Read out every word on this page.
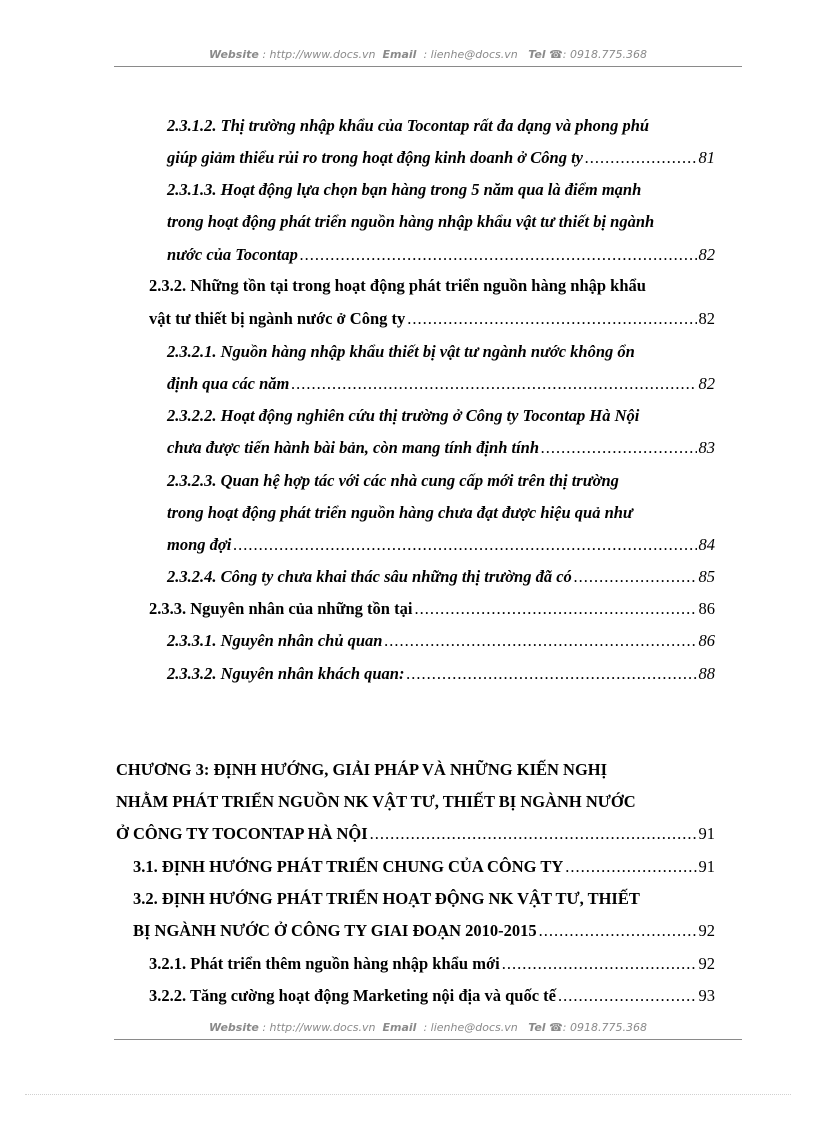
Website : http://www.docs.vn Email : lienhe@docs.vn Tel ☎: 0918.775.368
2.3.1.2. Thị trường nhập khẩu của Tocontap rất đa dạng và phong phú
giúp giảm thiểu rủi ro trong hoạt động kinh doanh ở Công ty .....	81
2.3.1.3. Hoạt động lựa chọn bạn hàng trong 5 năm qua là điểm mạnh
trong hoạt động phát triển nguồn hàng nhập khẩu vật tư thiết bị ngành
nước của Tocontap .....	82
2.3.2. Những tồn tại trong hoạt động phát triển nguồn hàng nhập khẩu
vật tư thiết bị ngành nước ở Công ty .....	82
2.3.2.1. Nguồn hàng nhập khẩu thiết bị vật tư ngành nước không ổn
định qua các năm .....	82
2.3.2.2. Hoạt động nghiên cứu thị trường ở Công ty Tocontap Hà Nội
chưa được tiến hành bài bản, còn mang tính định tính .....	83
2.3.2.3. Quan hệ hợp tác với các nhà cung cấp mới trên thị trường
trong hoạt động phát triển nguồn hàng chưa đạt được hiệu quả như
mong đợi .....	84
2.3.2.4. Công ty chưa khai thác sâu những thị trường đã có .....	85
2.3.3. Nguyên nhân của những tồn tại .....	86
2.3.3.1. Nguyên nhân chủ quan .....	86
2.3.3.2. Nguyên nhân khách quan: .....	88
CHƯƠNG 3: ĐỊNH HƯỚNG, GIẢI PHÁP VÀ NHỮNG KIẾN NGHỊ
NHẰM PHÁT TRIỂN NGUỒN NK VẬT TƯ, THIẾT BỊ NGÀNH NƯỚC
Ở CÔNG TY TOCONTAP HÀ NỘI .....	91
3.1. ĐỊNH HƯỚNG PHÁT TRIỂN CHUNG CỦA CÔNG TY .....	91
3.2. ĐỊNH HƯỚNG PHÁT TRIỂN HOẠT ĐỘNG NK VẬT TƯ, THIẾT
BỊ NGÀNH NƯỚC Ở CÔNG TY GIAI ĐOẠN 2010-2015 .....	92
3.2.1. Phát triển thêm nguồn hàng nhập khẩu mới .....	92
3.2.2. Tăng cường hoạt động Marketing nội địa và quốc tế .....	93
Website : http://www.docs.vn Email : lienhe@docs.vn Tel ☎: 0918.775.368
